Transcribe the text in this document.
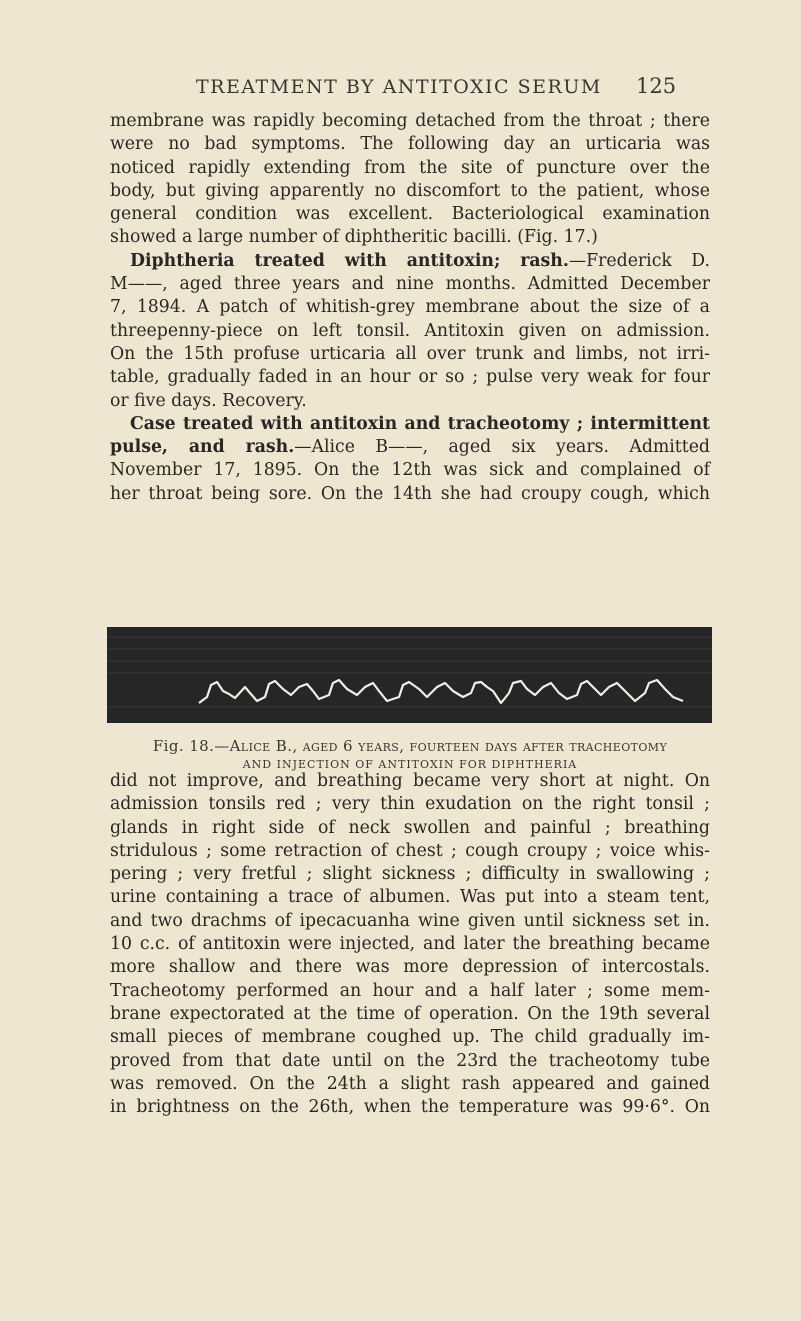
TREATMENT BY ANTITOXIC SERUM 125
membrane was rapidly becoming detached from the throat ; there
were no bad symptoms. The following day an urticaria was
noticed rapidly extending from the site of puncture over the
body, but giving apparently no discomfort to the patient, whose
general condition was excellent. Bacteriological examination
showed a large number of diphtheritic bacilli. (Fig. 17.)
Diphtheria treated with antitoxin; rash.—Frederick D.
M——, aged three years and nine months. Admitted December
7, 1894. A patch of whitish-grey membrane about the size of a
threepenny-piece on left tonsil. Antitoxin given on admission.
On the 15th profuse urticaria all over trunk and limbs, not irri-
table, gradually faded in an hour or so ; pulse very weak for four
or five days. Recovery.
Case treated with antitoxin and tracheotomy ; intermittent
pulse, and rash.—Alice B——, aged six years. Admitted
November 17, 1895. On the 12th was sick and complained of
her throat being sore. On the 14th she had croupy cough, which
Fig. 18.—Alice B., aged 6 years, fourteen days after tracheotomy
AND INJECTION OF ANTITOXIN FOR DIPHTHERIA
did not improve, and breathing became very short at night. On
admission tonsils red ; very thin exudation on the right tonsil ;
glands in right side of neck swollen and painful ; breathing
stridulous ; some retraction of chest ; cough croupy ; voice whis-
pering ; very fretful ; slight sickness ; difficulty in swallowing ;
urine containing a trace of albumen. Was put into a steam tent,
and two drachms of ipecacuanha wine given until sickness set in.
10 c.c. of antitoxin were injected, and later the breathing became
more shallow and there was more depression of intercostals.
Tracheotomy performed an hour and a half later ; some mem-
brane expectorated at the time of operation. On the 19th several
small pieces of membrane coughed up. The child gradually im-
proved from that date until on the 23rd the tracheotomy tube
was removed. On the 24th a slight rash appeared and gained
in brightness on the 26th, when the temperature was 99·6°. On
